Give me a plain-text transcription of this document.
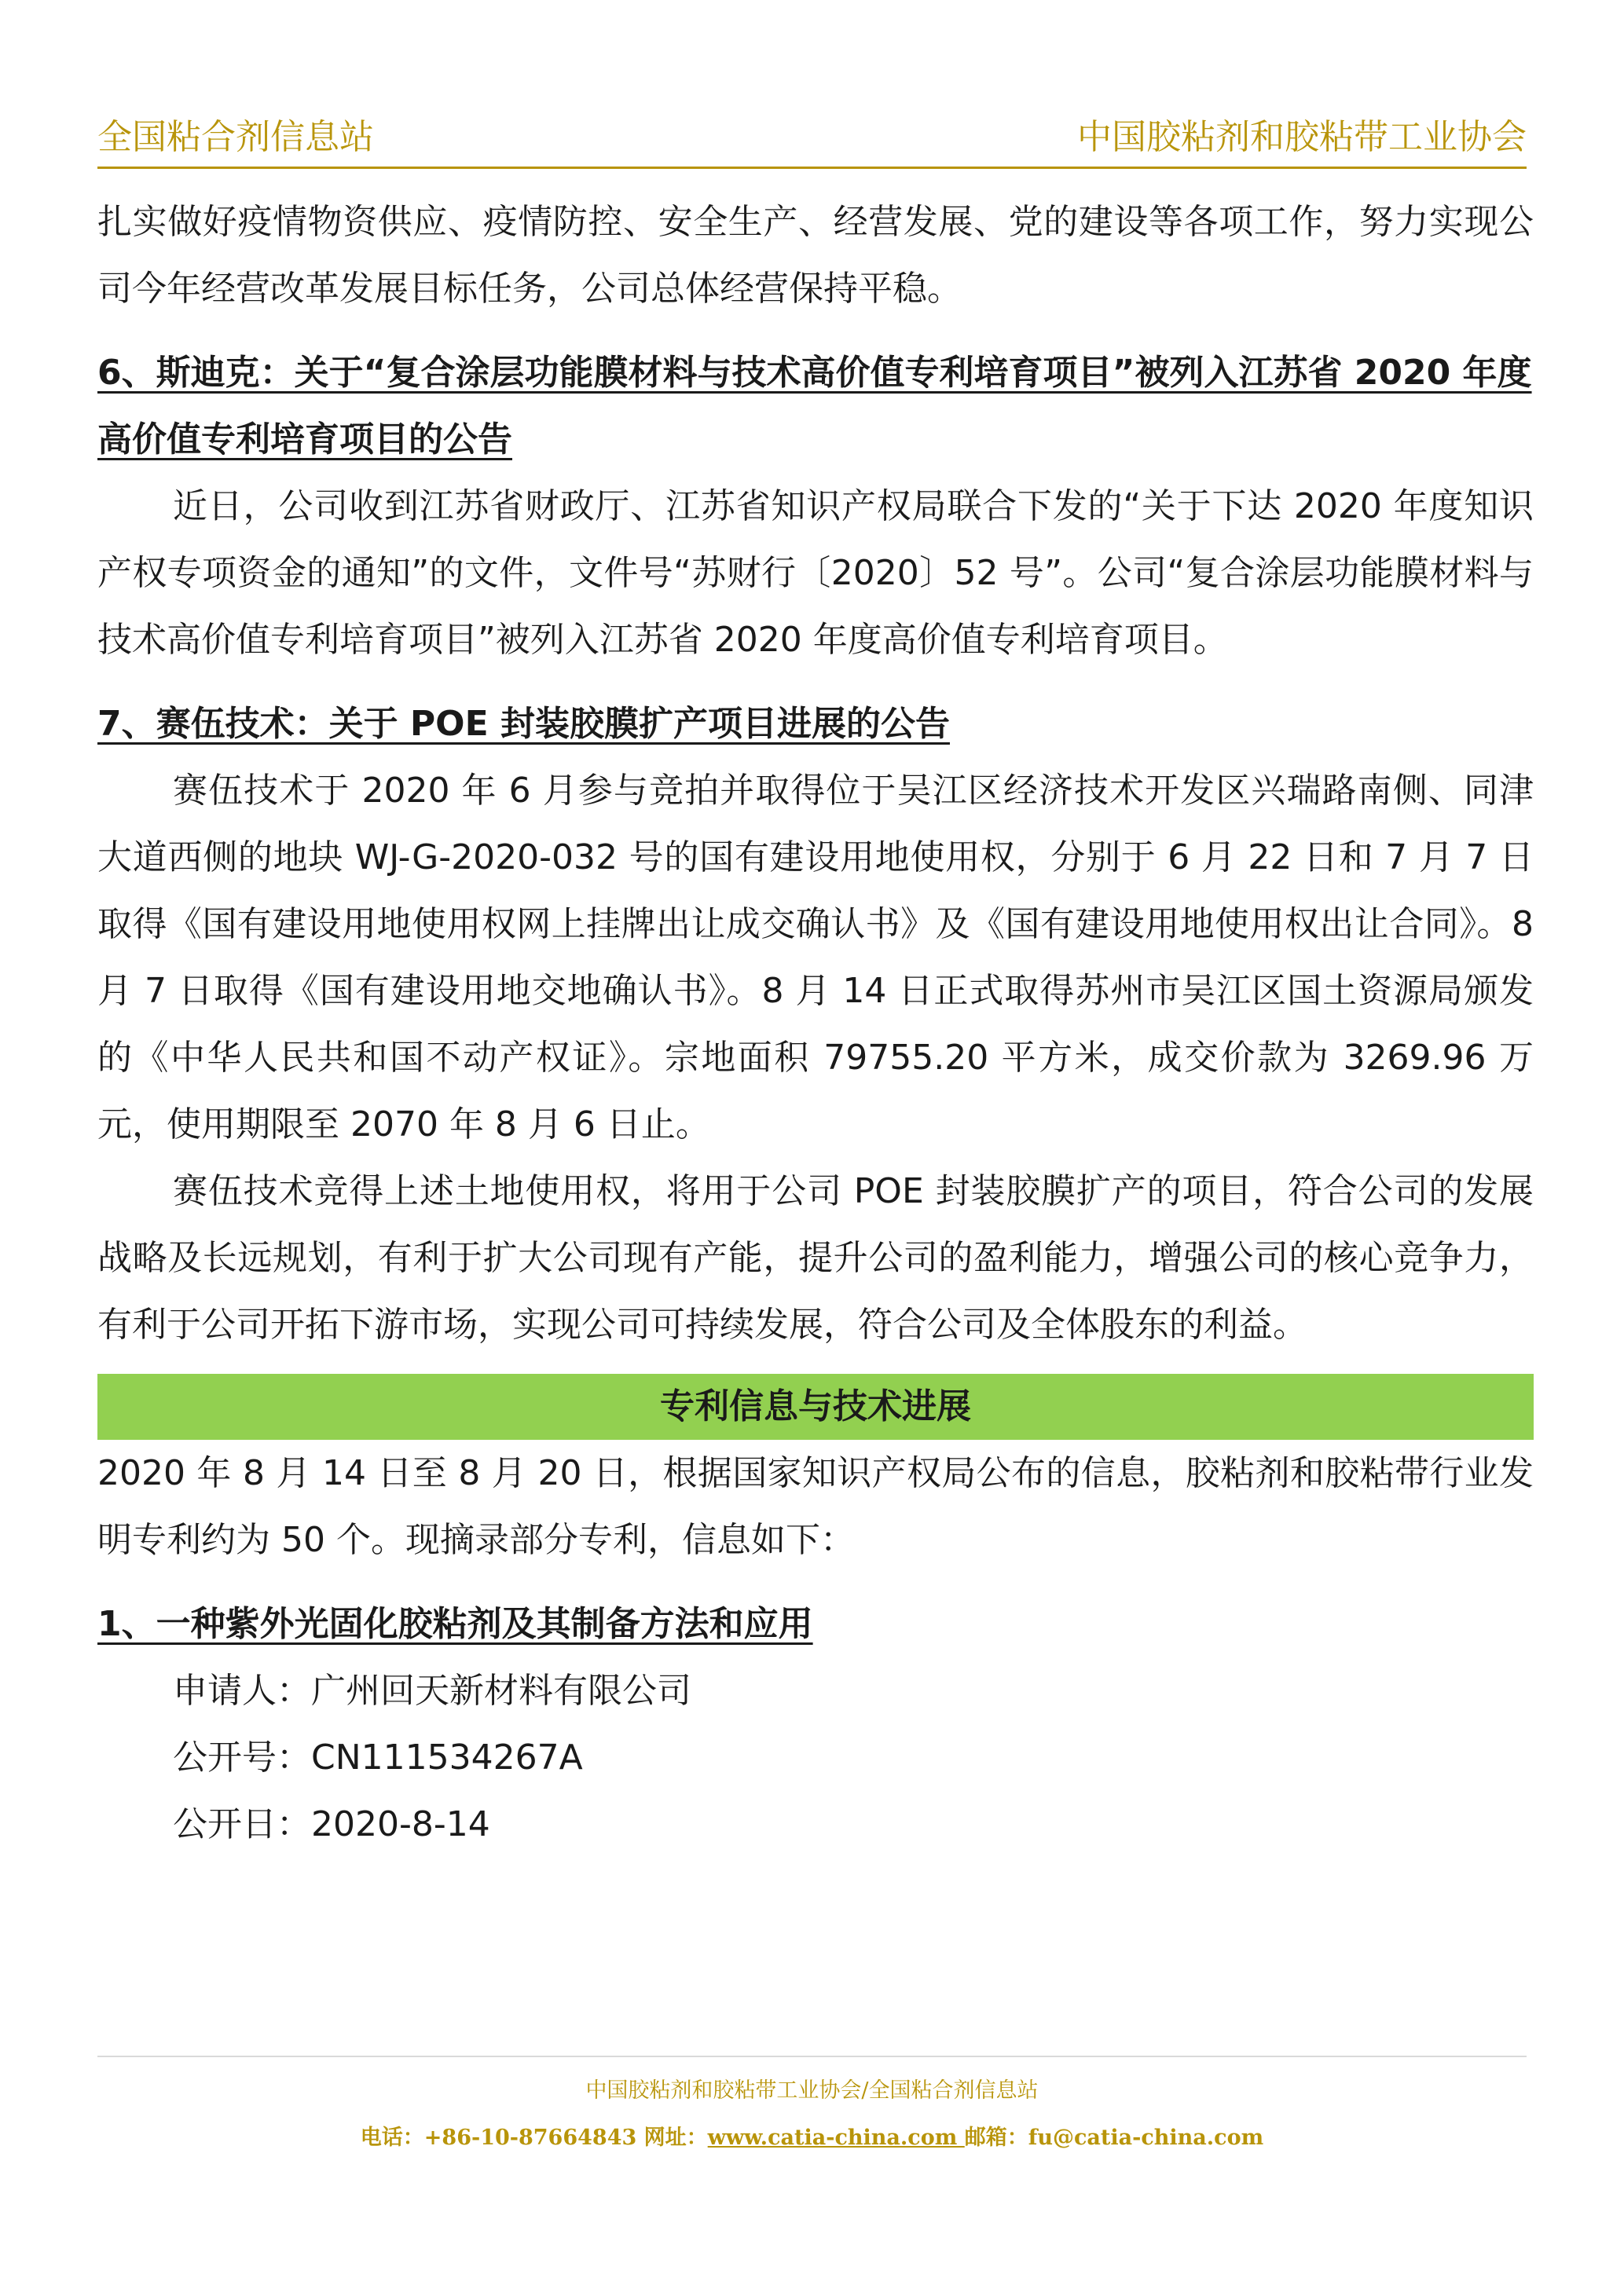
全国粘合剂信息站	中国胶粘剂和胶粘带工业协会

扎实做好疫情物资供应、疫情防控、安全生产、经营发展、党的建设等各项工作，努力实现公司今年经营改革发展目标任务，公司总体经营保持平稳。

6、斯迪克：关于“复合涂层功能膜材料与技术高价值专利培育项目”被列入江苏省 2020 年度高价值专利培育项目的公告

近日，公司收到江苏省财政厅、江苏省知识产权局联合下发的“关于下达 2020 年度知识产权专项资金的通知”的文件，文件号“苏财行〔2020〕52 号”。公司“复合涂层功能膜材料与技术高价值专利培育项目”被列入江苏省 2020 年度高价值专利培育项目。

7、赛伍技术：关于 POE 封装胶膜扩产项目进展的公告

赛伍技术于 2020 年 6 月参与竞拍并取得位于吴江区经济技术开发区兴瑞路南侧、同津大道西侧的地块 WJ-G-2020-032 号的国有建设用地使用权，分别于 6 月 22 日和 7 月 7 日取得《国有建设用地使用权网上挂牌出让成交确认书》及《国有建设用地使用权出让合同》。8 月 7 日取得《国有建设用地交地确认书》。8 月 14 日正式取得苏州市吴江区国土资源局颁发的《中华人民共和国不动产权证》。宗地面积 79755.20 平方米，成交价款为 3269.96 万元，使用期限至 2070 年 8 月 6 日止。

赛伍技术竞得上述土地使用权，将用于公司 POE 封装胶膜扩产的项目，符合公司的发展战略及长远规划，有利于扩大公司现有产能，提升公司的盈利能力，增强公司的核心竞争力，有利于公司开拓下游市场，实现公司可持续发展，符合公司及全体股东的利益。

专利信息与技术进展

2020 年 8 月 14 日至 8 月 20 日，根据国家知识产权局公布的信息，胶粘剂和胶粘带行业发明专利约为 50 个。现摘录部分专利，信息如下：

1、一种紫外光固化胶粘剂及其制备方法和应用

申请人：广州回天新材料有限公司

公开号：CN111534267A

公开日：2020-8-14

中国胶粘剂和胶粘带工业协会/全国粘合剂信息站
电话：+86-10-87664843 网址：www.catia-china.com 邮箱：fu@catia-china.com
